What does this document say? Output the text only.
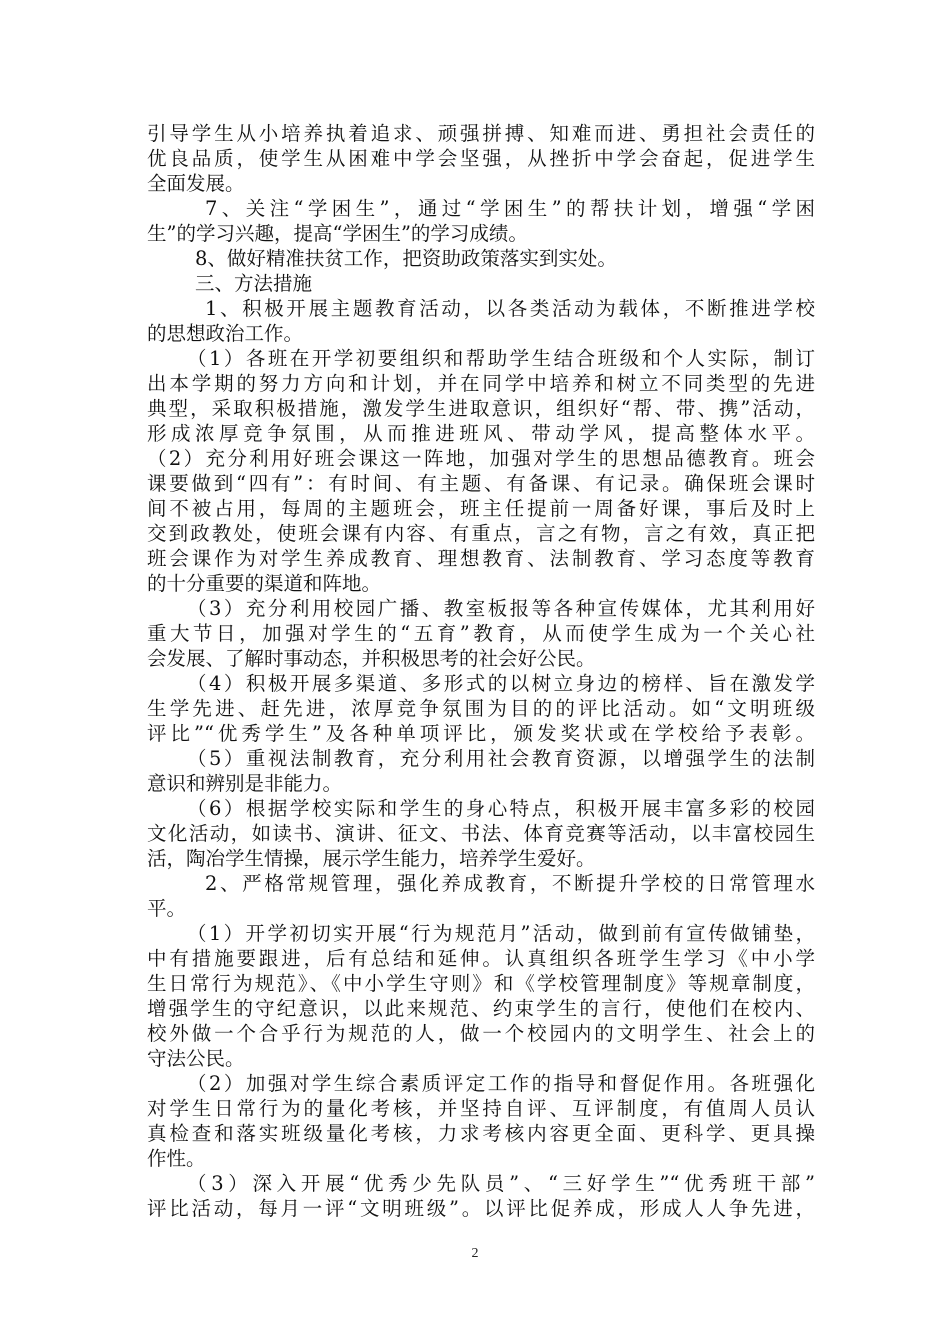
引导学生从小培养执着追求、顽强拼搏、知难而进、勇担社会责任的
优良品质，使学生从困难中学会坚强，从挫折中学会奋起，促进学生
全面发展。
7、关注“学困生”，通过“学困生”的帮扶计划，增强“学困
生”的学习兴趣，提高“学困生”的学习成绩。
8、做好精准扶贫工作，把资助政策落实到实处。
三、方法措施
1、积极开展主题教育活动，以各类活动为载体，不断推进学校
的思想政治工作。
（1）各班在开学初要组织和帮助学生结合班级和个人实际，制订
出本学期的努力方向和计划，并在同学中培养和树立不同类型的先进
典型，采取积极措施，激发学生进取意识，组织好“帮、带、携”活动，
形成浓厚竞争氛围，从而推进班风、带动学风，提高整体水平。
（2）充分利用好班会课这一阵地，加强对学生的思想品德教育。班会
课要做到“四有”：有时间、有主题、有备课、有记录。确保班会课时
间不被占用，每周的主题班会，班主任提前一周备好课，事后及时上
交到政教处，使班会课有内容、有重点，言之有物，言之有效，真正把
班会课作为对学生养成教育、理想教育、法制教育、学习态度等教育
的十分重要的渠道和阵地。
（3）充分利用校园广播、教室板报等各种宣传媒体，尤其利用好
重大节日，加强对学生的“五育”教育，从而使学生成为一个关心社
会发展、了解时事动态，并积极思考的社会好公民。
（4）积极开展多渠道、多形式的以树立身边的榜样、旨在激发学
生学先进、赶先进，浓厚竞争氛围为目的的评比活动。如“文明班级
评比”“优秀学生”及各种单项评比，颁发奖状或在学校给予表彰。
（5）重视法制教育，充分利用社会教育资源，以增强学生的法制
意识和辨别是非能力。
（6）根据学校实际和学生的身心特点，积极开展丰富多彩的校园
文化活动，如读书、演讲、征文、书法、体育竞赛等活动，以丰富校园生
活，陶冶学生情操，展示学生能力，培养学生爱好。
2、严格常规管理，强化养成教育，不断提升学校的日常管理水
平。
（1）开学初切实开展“行为规范月”活动，做到前有宣传做铺垫，
中有措施要跟进，后有总结和延伸。认真组织各班学生学习《中小学
生日常行为规范》、《中小学生守则》和《学校管理制度》等规章制度，
增强学生的守纪意识，以此来规范、约束学生的言行，使他们在校内、
校外做一个合乎行为规范的人，做一个校园内的文明学生、社会上的
守法公民。
（2）加强对学生综合素质评定工作的指导和督促作用。各班强化
对学生日常行为的量化考核，并坚持自评、互评制度，有值周人员认
真检查和落实班级量化考核，力求考核内容更全面、更科学、更具操
作性。
（3）深入开展“优秀少先队员”、“三好学生”“优秀班干部”
评比活动，每月一评“文明班级”。以评比促养成，形成人人争先进，
2
